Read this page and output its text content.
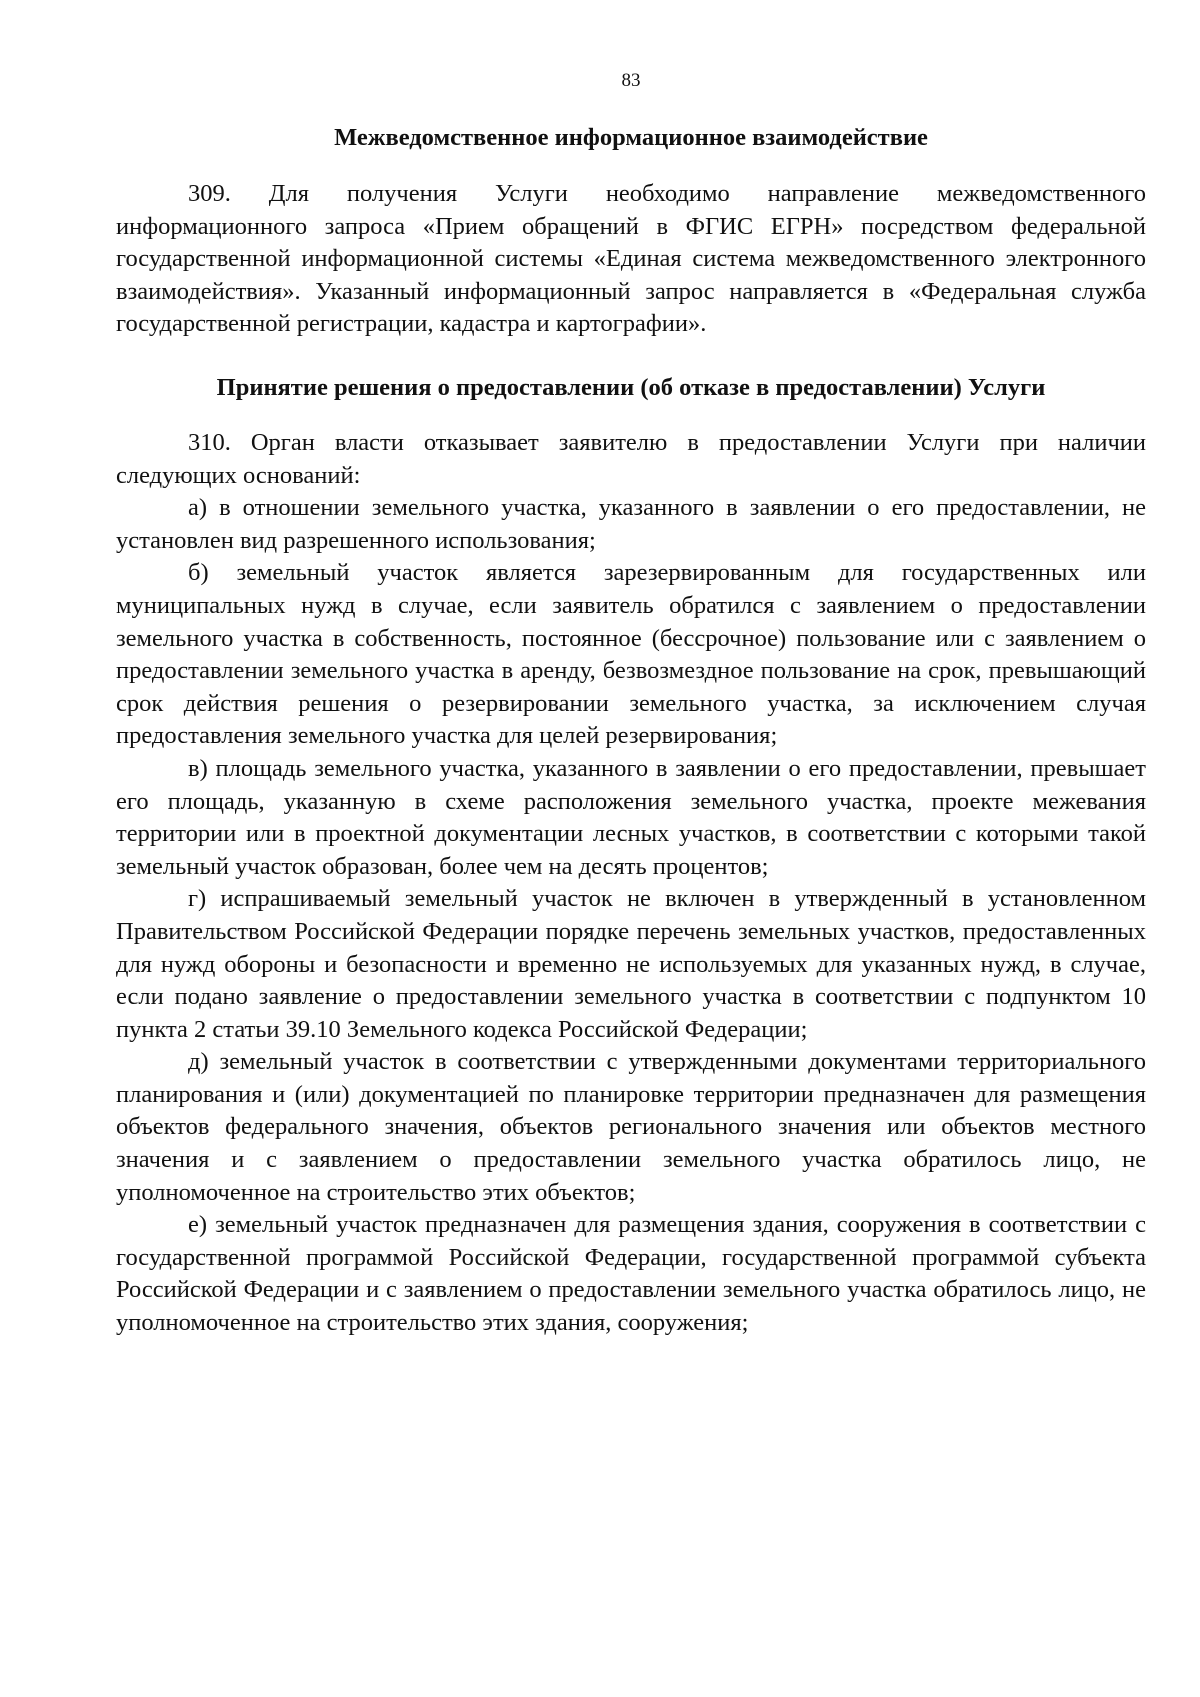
83
Межведомственное информационное взаимодействие

309. Для получения Услуги необходимо направление межведомственного информационного запроса «Прием обращений в ФГИС ЕГРН» посредством федеральной государственной информационной системы «Единая система межведомственного электронного взаимодействия». Указанный информационный запрос направляется в «Федеральная служба государственной регистрации, кадастра и картографии».

Принятие решения о предоставлении (об отказе в предоставлении) Услуги

310. Орган власти отказывает заявителю в предоставлении Услуги при наличии следующих оснований:

а) в отношении земельного участка, указанного в заявлении о его предоставлении, не установлен вид разрешенного использования;

б) земельный участок является зарезервированным для государственных или муниципальных нужд в случае, если заявитель обратился с заявлением о предоставлении земельного участка в собственность, постоянное (бессрочное) пользование или с заявлением о предоставлении земельного участка в аренду, безвозмездное пользование на срок, превышающий срок действия решения о резервировании земельного участка, за исключением случая предоставления земельного участка для целей резервирования;

в) площадь земельного участка, указанного в заявлении о его предоставлении, превышает его площадь, указанную в схеме расположения земельного участка, проекте межевания территории или в проектной документации лесных участков, в соответствии с которыми такой земельный участок образован, более чем на десять процентов;

г) испрашиваемый земельный участок не включен в утвержденный в установленном Правительством Российской Федерации порядке перечень земельных участков, предоставленных для нужд обороны и безопасности и временно не используемых для указанных нужд, в случае, если подано заявление о предоставлении земельного участка в соответствии с подпунктом 10 пункта 2 статьи 39.10 Земельного кодекса Российской Федерации;

д) земельный участок в соответствии с утвержденными документами территориального планирования и (или) документацией по планировке территории предназначен для размещения объектов федерального значения, объектов регионального значения или объектов местного значения и с заявлением о предоставлении земельного участка обратилось лицо, не уполномоченное на строительство этих объектов;

е) земельный участок предназначен для размещения здания, сооружения в соответствии с государственной программой Российской Федерации, государственной программой субъекта Российской Федерации и с заявлением о предоставлении земельного участка обратилось лицо, не уполномоченное на строительство этих здания, сооружения;
